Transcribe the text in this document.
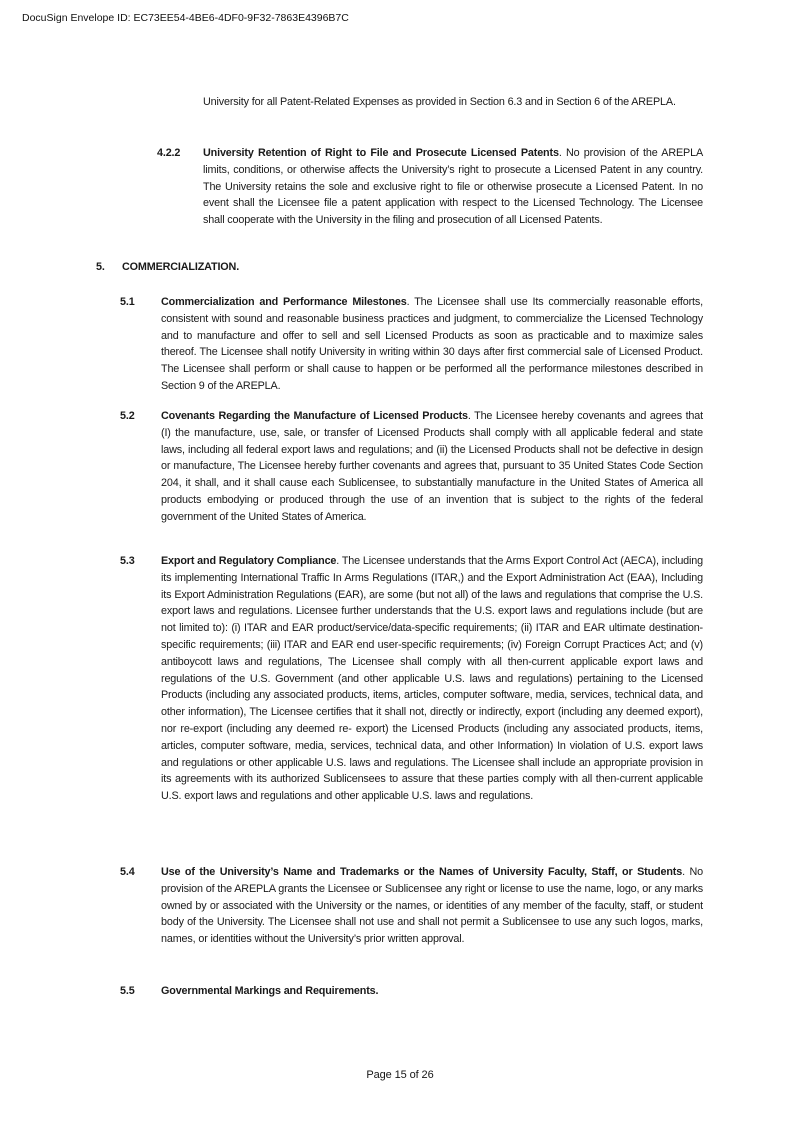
DocuSign Envelope ID: EC73EE54-4BE6-4DF0-9F32-7863E4396B7C
University for all Patent-Related Expenses as provided in Section 6.3 and in Section 6 of the AREPLA.
4.2.2 University Retention of Right to File and Prosecute Licensed Patents. No provision of the AREPLA limits, conditions, or otherwise affects the University’s right to prosecute a Licensed Patent in any country. The University retains the sole and exclusive right to file or otherwise prosecute a Licensed Patent. In no event shall the Licensee file a patent application with respect to the Licensed Technology. The Licensee shall cooperate with the University in the filing and prosecution of all Licensed Patents.
5. COMMERCIALIZATION.
5.1 Commercialization and Performance Milestones. The Licensee shall use Its commercially reasonable efforts, consistent with sound and reasonable business practices and judgment, to commercialize the Licensed Technology and to manufacture and offer to sell and sell Licensed Products as soon as practicable and to maximize sales thereof. The Licensee shall notify University in writing within 30 days after first commercial sale of Licensed Product. The Licensee shall perform or shall cause to happen or be performed all the performance milestones described in Section 9 of the AREPLA.
5.2 Covenants Regarding the Manufacture of Licensed Products. The Licensee hereby covenants and agrees that (I) the manufacture, use, sale, or transfer of Licensed Products shall comply with all applicable federal and state laws, including all federal export laws and regulations; and (ii) the Licensed Products shall not be defective in design or manufacture, The Licensee hereby further covenants and agrees that, pursuant to 35 United States Code Section 204, it shall, and it shall cause each Sublicensee, to substantially manufacture in the United States of America all products embodying or produced through the use of an invention that is subject to the rights of the federal government of the United States of America.
5.3 Export and Regulatory Compliance. The Licensee understands that the Arms Export Control Act (AECA), including its implementing International Traffic In Arms Regulations (ITAR,) and the Export Administration Act (EAA), Including its Export Administration Regulations (EAR), are some (but not all) of the laws and regulations that comprise the U.S. export laws and regulations. Licensee further understands that the U.S. export laws and regulations include (but are not limited to): (i) ITAR and EAR product/service/data-specific requirements; (ii) ITAR and EAR ultimate destination-specific requirements; (iii) ITAR and EAR end user-specific requirements; (iv) Foreign Corrupt Practices Act; and (v) antiboycott laws and regulations, The Licensee shall comply with all then-current applicable export laws and regulations of the U.S. Government (and other applicable U.S. laws and regulations) pertaining to the Licensed Products (including any associated products, items, articles, computer software, media, services, technical data, and other information), The Licensee certifies that it shall not, directly or indirectly, export (including any deemed export), nor re-export (including any deemed re- export) the Licensed Products (including any associated products, items, articles, computer software, media, services, technical data, and other Information) In violation of U.S. export laws and regulations or other applicable U.S. laws and regulations. The Licensee shall include an appropriate provision in its agreements with its authorized Sublicensees to assure that these parties comply with all then-current applicable U.S. export laws and regulations and other applicable U.S. laws and regulations.
5.4 Use of the University’s Name and Trademarks or the Names of University Faculty, Staff, or Students. No provision of the AREPLA grants the Licensee or Sublicensee any right or license to use the name, logo, or any marks owned by or associated with the University or the names, or identities of any member of the faculty, staff, or student body of the University. The Licensee shall not use and shall not permit a Sublicensee to use any such logos, marks, names, or identities without the University’s prior written approval.
5.5 Governmental Markings and Requirements.
Page 15 of 26
